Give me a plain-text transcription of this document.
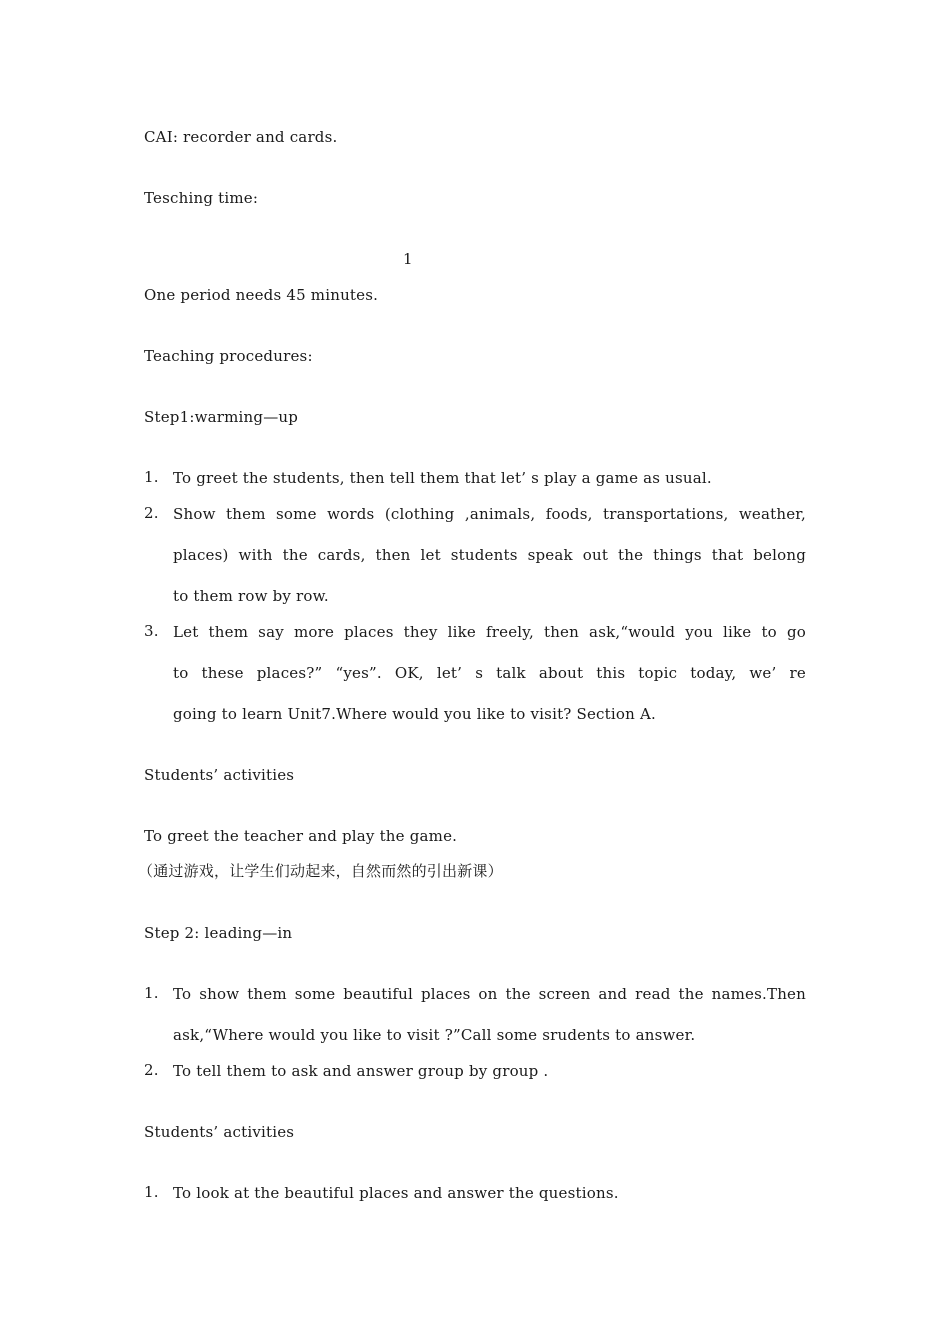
CAI: recorder and cards.
Tesching time:
1
One period needs 45 minutes.
Teaching procedures:
Step1:warming—up
1. To greet the students, then tell them that let’ s play a game as usual.
2. Show them some words (clothing ,animals, foods, transportations, weather,
places) with the cards, then let students speak out the things that belong
to them row by row.
3. Let them say more places they like freely, then ask,“would you like to go
to these places?” “yes”. OK, let’ s talk about this topic today, we’ re
going to learn Unit7.Where would you like to visit? Section A.
Students’ activities
To greet the teacher and play the game.
（通过游戏，让学生们动起来，自然而然的引出新课）
Step 2: leading—in
1. To show them some beautiful places on the screen and read the names.Then
ask,“Where would you like to visit ?”Call some srudents to answer.
2. To tell them to ask and answer group by group .
Students’ activities
1. To look at the beautiful places and answer the questions.
